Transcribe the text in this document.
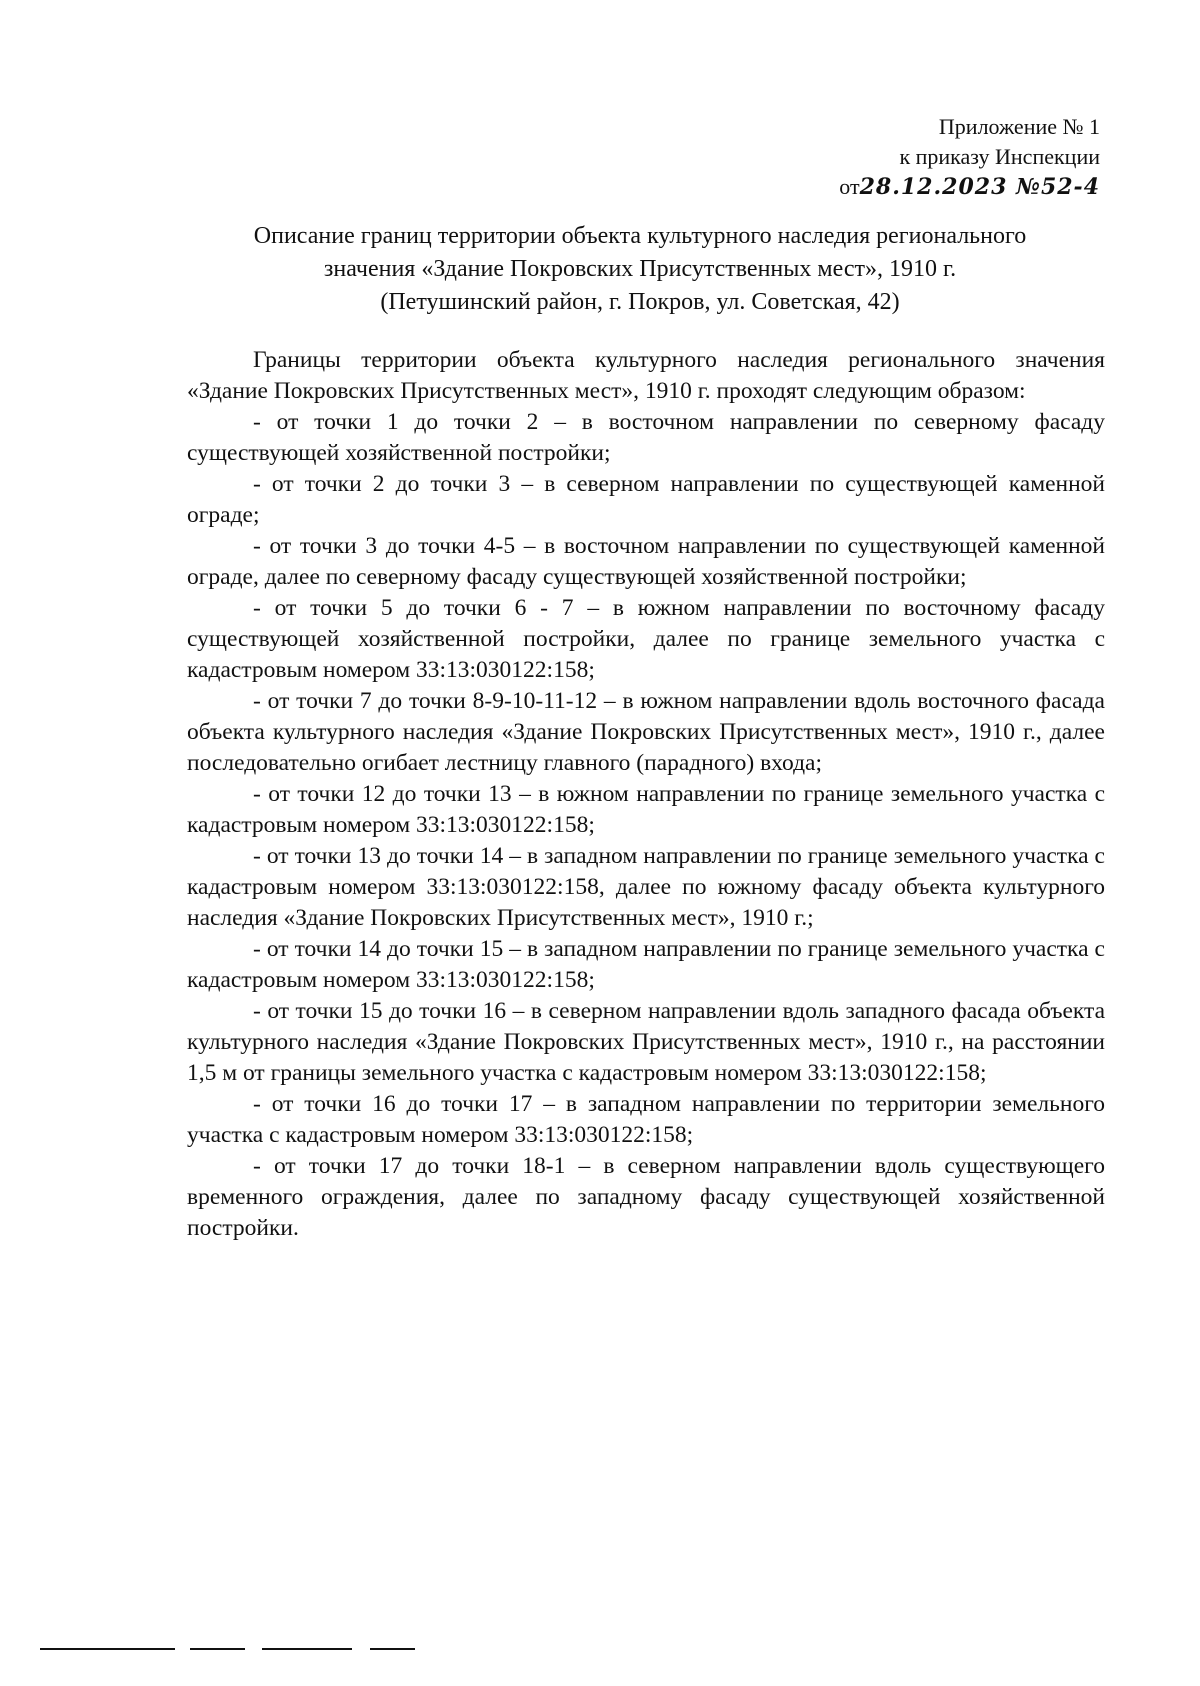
Приложение № 1
к приказу Инспекции
от28.12.2023 №52-4
Описание границ территории объекта культурного наследия регионального
значения «Здание Покровских Присутственных мест», 1910 г.
(Петушинский район, г. Покров, ул. Советская, 42)

Границы территории объекта культурного наследия регионального значения «Здание Покровских Присутственных мест», 1910 г. проходят следующим образом:

- от точки 1 до точки 2 – в восточном направлении по северному фасаду существующей хозяйственной постройки;

- от точки 2 до точки 3 – в северном направлении по существующей каменной ограде;

- от точки 3 до точки 4-5 – в восточном направлении по существующей каменной ограде, далее по северному фасаду существующей хозяйственной постройки;

- от точки 5 до точки 6 - 7 – в южном направлении по восточному фасаду существующей хозяйственной постройки, далее по границе земельного участка с кадастровым номером 33:13:030122:158;

- от точки 7 до точки 8-9-10-11-12 – в южном направлении вдоль восточного фасада объекта культурного наследия «Здание Покровских Присутственных мест», 1910 г., далее последовательно огибает лестницу главного (парадного) входа;

- от точки 12 до точки 13 – в южном направлении по границе земельного участка с кадастровым номером 33:13:030122:158;

- от точки 13 до точки 14 – в западном направлении по границе земельного участка с кадастровым номером 33:13:030122:158, далее по южному фасаду объекта культурного наследия «Здание Покровских Присутственных мест», 1910 г.;

- от точки 14 до точки 15 – в западном направлении по границе земельного участка с кадастровым номером 33:13:030122:158;

- от точки 15 до точки 16 – в северном направлении вдоль западного фасада объекта культурного наследия «Здание Покровских Присутственных мест», 1910 г., на расстоянии 1,5 м от границы земельного участка с кадастровым номером 33:13:030122:158;

- от точки 16 до точки 17 – в западном направлении по территории земельного участка с кадастровым номером 33:13:030122:158;

- от точки 17 до точки 18-1 – в северном направлении вдоль существующего временного ограждения, далее по западному фасаду существующей хозяйственной постройки.
